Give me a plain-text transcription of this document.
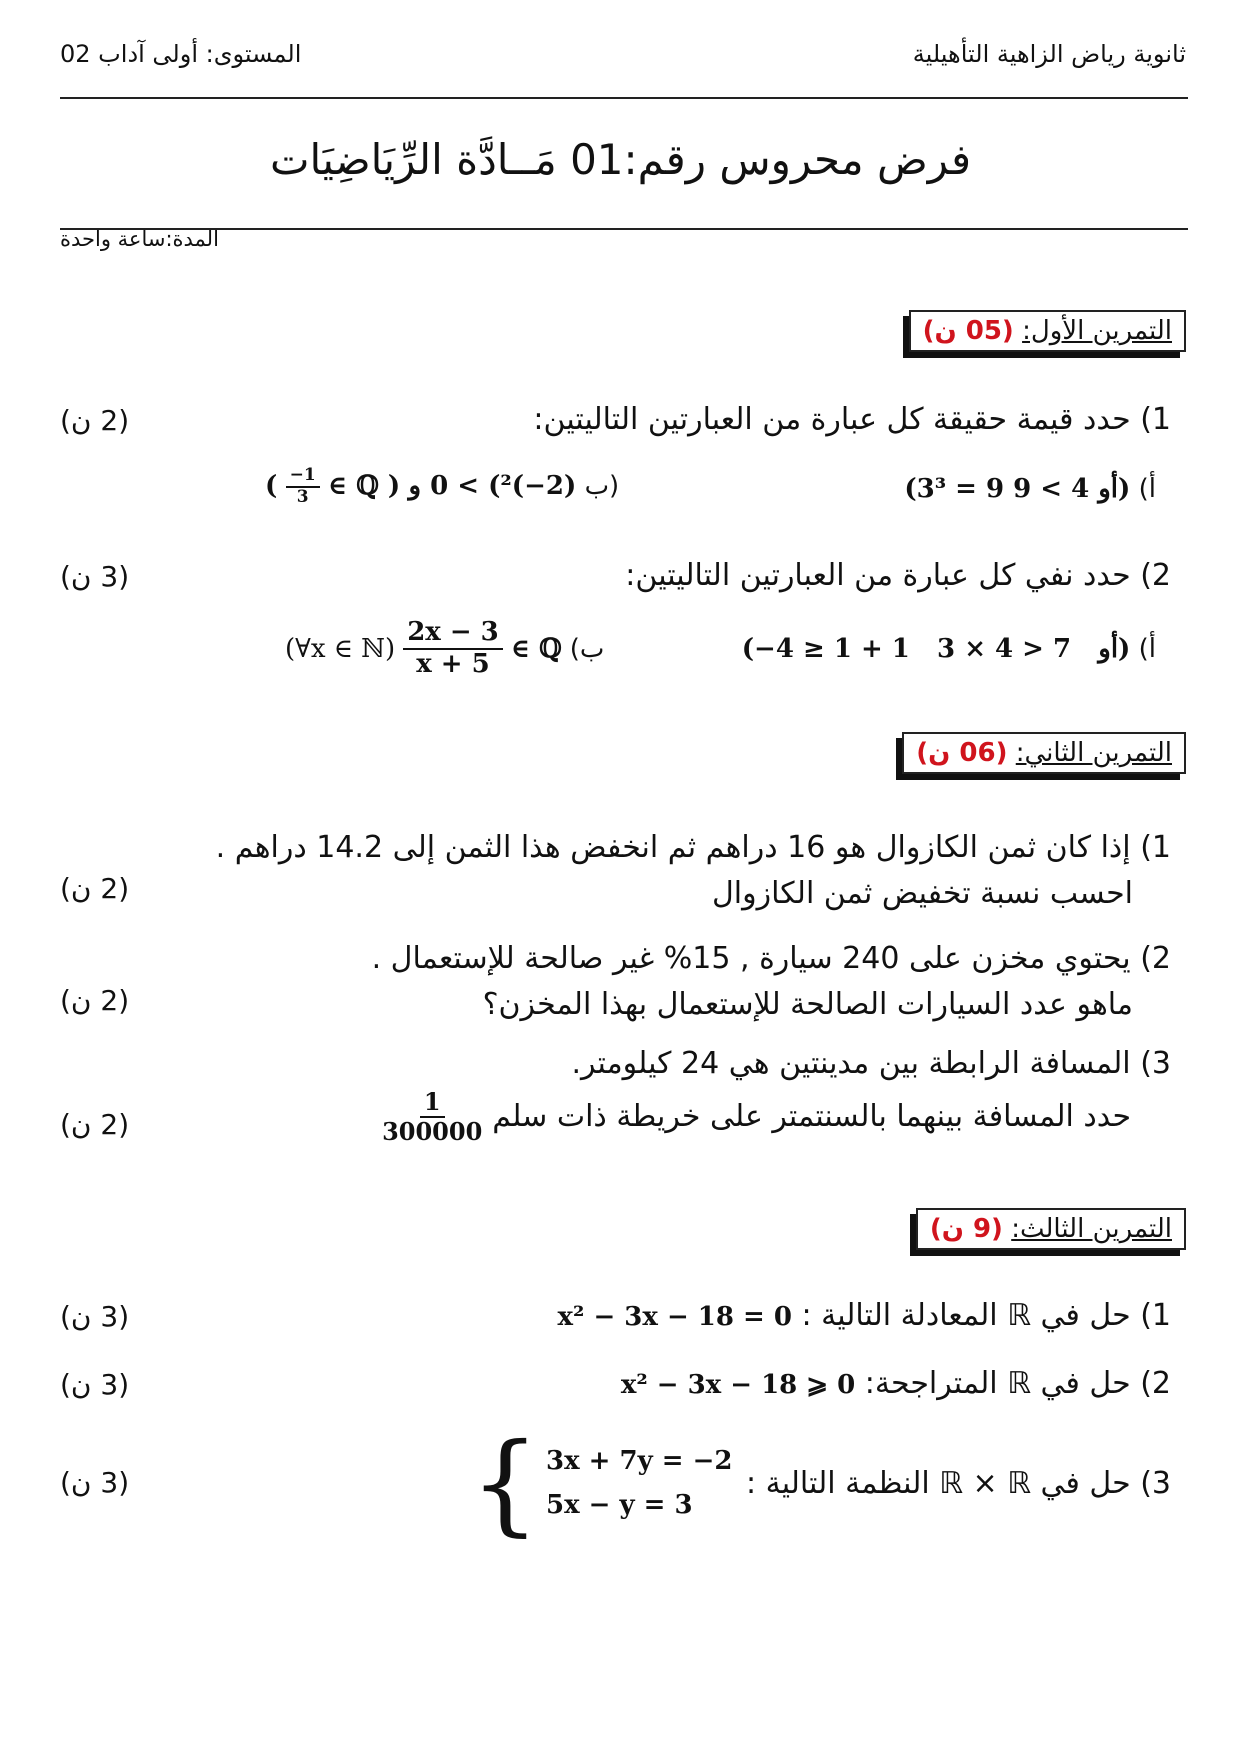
ثانوية رياض الزاهية التأهيلية
المستوى: أولى آداب 02
فرض محروس رقم:01 مَــادَّة الرِّيَاضِيَات
المدة:ساعة واحدة
التمرين الأول: (05 ن)
1) حدد قيمة حقيقة كل عبارة من العبارتين التاليتين:
(2 ن)
أ) (3³ = 9 أو 4 > 9)
( $\frac{-1}{3}$ ∈ ℚ ) (2−)²) > 0 و ب)
2) حدد نفي كل عبارة من العبارتين التاليتين:
(3 ن)
أ) (−4 ≥ 1 + 1   أو   7 < 4 × 3)
(∀x ∈ ℕ) $\frac{2x - 3}{x + 5}$ ∈ ℚ ب)
التمرين الثاني: (06 ن)
1) إذا كان ثمن الكازوال هو 16 دراهم ثم انخفض هذا الثمن إلى 14.2 دراهم .
احسب نسبة تخفيض ثمن الكازوال
(2 ن)
2) يحتوي مخزن على 240 سيارة , 15% غير صالحة للإستعمال .
ماهو عدد السيارات الصالحة للإستعمال بهذا المخزن؟
(2 ن)
3) المسافة الرابطة بين مدينتين هي 24 كيلومتر.
حدد المسافة بينهما بالسنتمتر على خريطة ذات سلم
$\frac{1}{300000}$
(2 ن)
التمرين الثالث: (9 ن)
1) حل في ℝ المعادلة التالية : x² − 3x − 18 = 0
(3 ن)
2) حل في ℝ المتراجحة: x² − 3x − 18 ⩾ 0
(3 ن)
3) حل في ℝ × ℝ النظمة التالية :
{ 3x + 7y = −2
5x − y = 3
(3 ن)
